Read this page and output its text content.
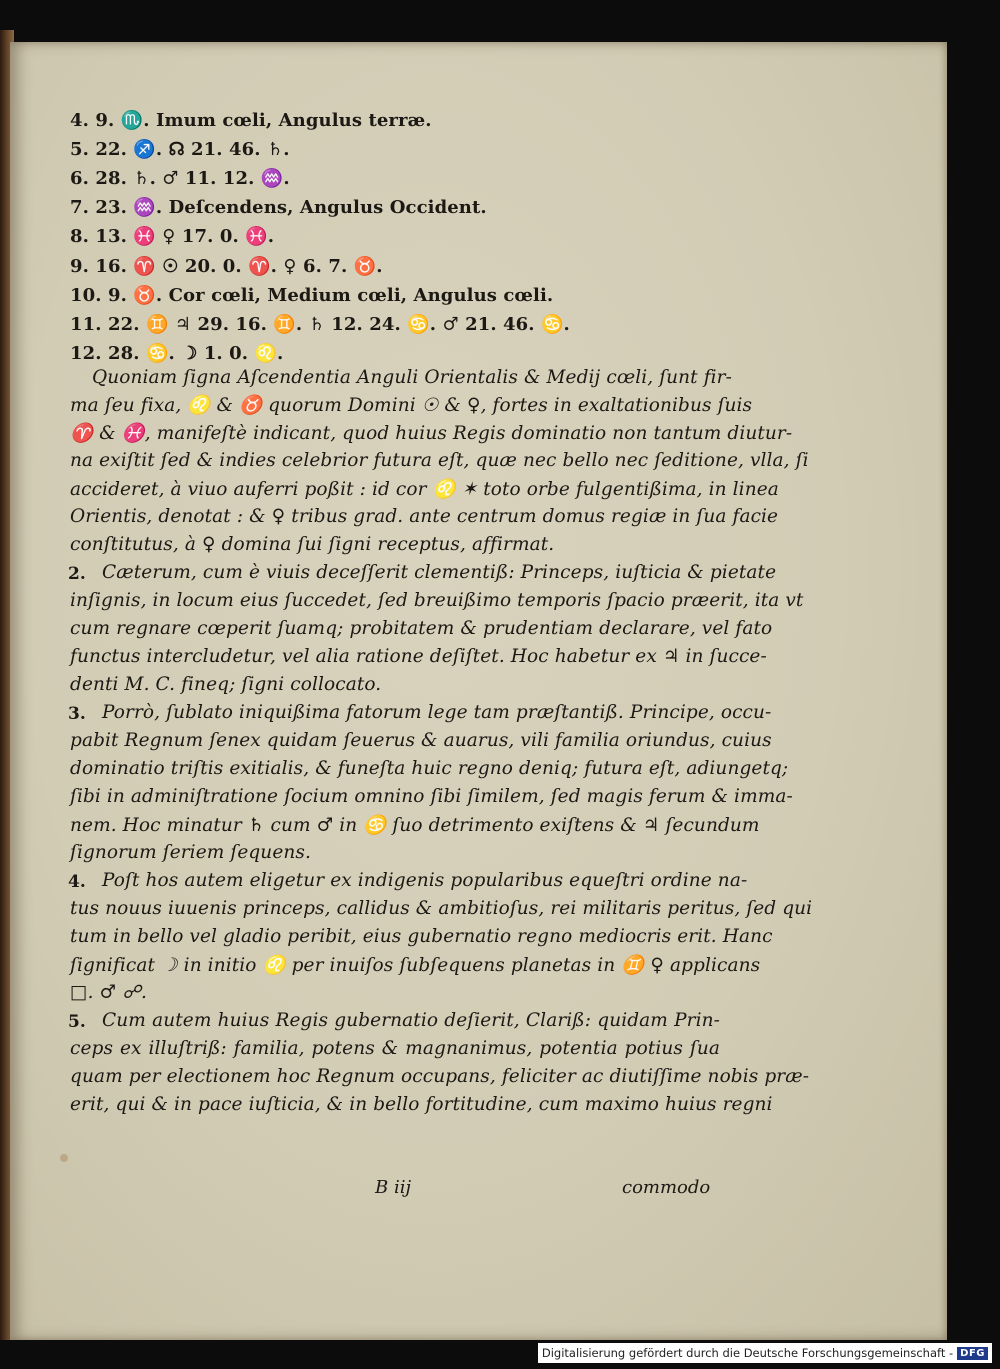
4. 9. ♏. Imum cœli, Angulus terræ.
5. 22. ♐. ☊ 21. 46. ♄.
6. 28. ♄. ♂ 11. 12. ♒.
7. 23. ♒. Deſcendens, Angulus Occident.
8. 13. ♓ ♀ 17. 0. ♓.
9. 16. ♈ ☉ 20. 0. ♈. ♀ 6. 7. ♉.
10. 9. ♉. Cor cœli, Medium cœli, Angulus cœli.
11. 22. ♊ ♃ 29. 16. ♊. ♄ 12. 24. ♋. ♂ 21. 46. ♋.
12. 28. ♋. ☽ 1. 0. ♌.
Quoniam ſigna Aſcendentia Anguli Orientalis & Medij cœli, ſunt fir-
ma ſeu fixa, ♌ & ♉ quorum Domini ☉ & ♀, fortes in exaltationibus ſuis
♈ & ♓, manifeſtè indicant, quod huius Regis dominatio non tantum diutur-
na exiſtit ſed & indies celebrior futura eſt, quæ nec bello nec ſeditione, vlla, ſi
accideret, à viuo auferri poßit : id cor ♌ ✶ toto orbe fulgentißima, in linea
Orientis, denotat : & ♀ tribus grad. ante centrum domus regiæ in ſua facie
conſtitutus, à ♀ domina ſui ſigni receptus, affirmat.
2. Cæterum, cum è viuis deceſſerit clementiß: Princeps, iuſticia & pietate
inſignis, in locum eius ſuccedet, ſed breuißimo temporis ſpacio præerit, ita vt
cum regnare cœperit ſuamq; probitatem & prudentiam declarare, vel fato
functus intercludetur, vel alia ratione deſiſtet. Hoc habetur ex ♃ in ſucce-
denti M. C. fineq; ſigni collocato.
3. Porrò, ſublato iniquißima fatorum lege tam præſtantiß. Principe, occu-
pabit Regnum ſenex quidam ſeuerus & auarus, vili familia oriundus, cuius
dominatio triſtis exitialis, & funeſta huic regno deniq; futura eſt, adiungetq;
ſibi in adminiſtratione ſocium omnino ſibi ſimilem, ſed magis ferum & imma-
nem. Hoc minatur ♄ cum ♂ in ♋ ſuo detrimento exiſtens & ♃ ſecundum
ſignorum ſeriem ſequens.
4. Poſt hos autem eligetur ex indigenis popularibus equeſtri ordine na-
tus nouus iuuenis princeps, callidus & ambitioſus, rei militaris peritus, ſed qui
tum in bello vel gladio peribit, eius gubernatio regno mediocris erit. Hanc
ſignificat ☽ in initio ♌ per inuiſos ſubſequens planetas in ♊ ♀ applicans
□. ♂ ☍.
5. Cum autem huius Regis gubernatio deſierit, Clariß: quidam Prin-
ceps ex illuſtriß: familia, potens & magnanimus, potentia potius ſua
quam per electionem hoc Regnum occupans, feliciter ac diutiſſime nobis præ-
erit, qui & in pace iuſticia, & in bello fortitudine, cum maximo huius regni
B iij	commodo
Digitalisierung gefördert durch die Deutsche Forschungsgemeinschaft - DFG
